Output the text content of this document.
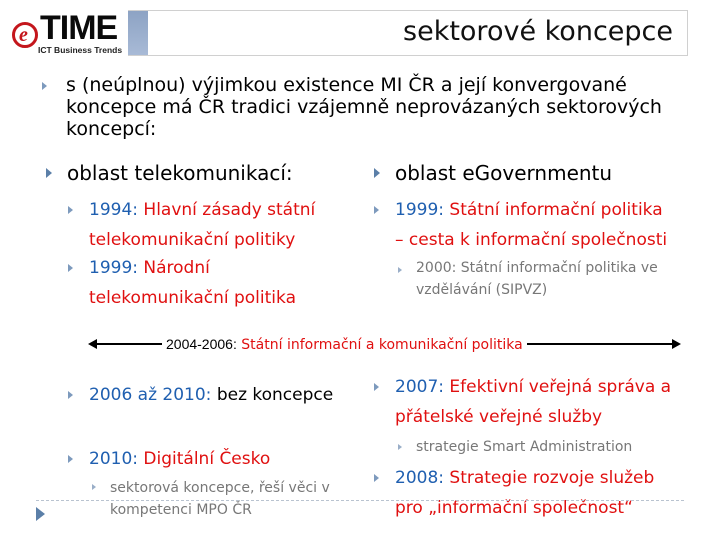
e TIME
ICT Business Trends
sektorové koncepce
s (neúplnou) výjimkou existence MI ČR a její konvergované
koncepce má ČR tradici vzájemně neprovázaných sektorových
koncepcí:
oblast telekomunikací:
1994: Hlavní zásady státní
telekomunikační politiky
1999: Národní
telekomunikační politika
oblast eGovernmentu
1999: Státní informační politika
– cesta k informační společnosti
2000: Státní informační politika ve
vzdělávání (SIPVZ)
2004-2006: Státní informační a komunikační politika
2006 až 2010: bez koncepce
2010: Digitální Česko
sektorová koncepce, řeší věci v
kompetenci MPO ČR
2007: Efektivní veřejná správa a
přátelské veřejné služby
strategie Smart Administration
2008: Strategie rozvoje služeb
pro „informační společnost“
